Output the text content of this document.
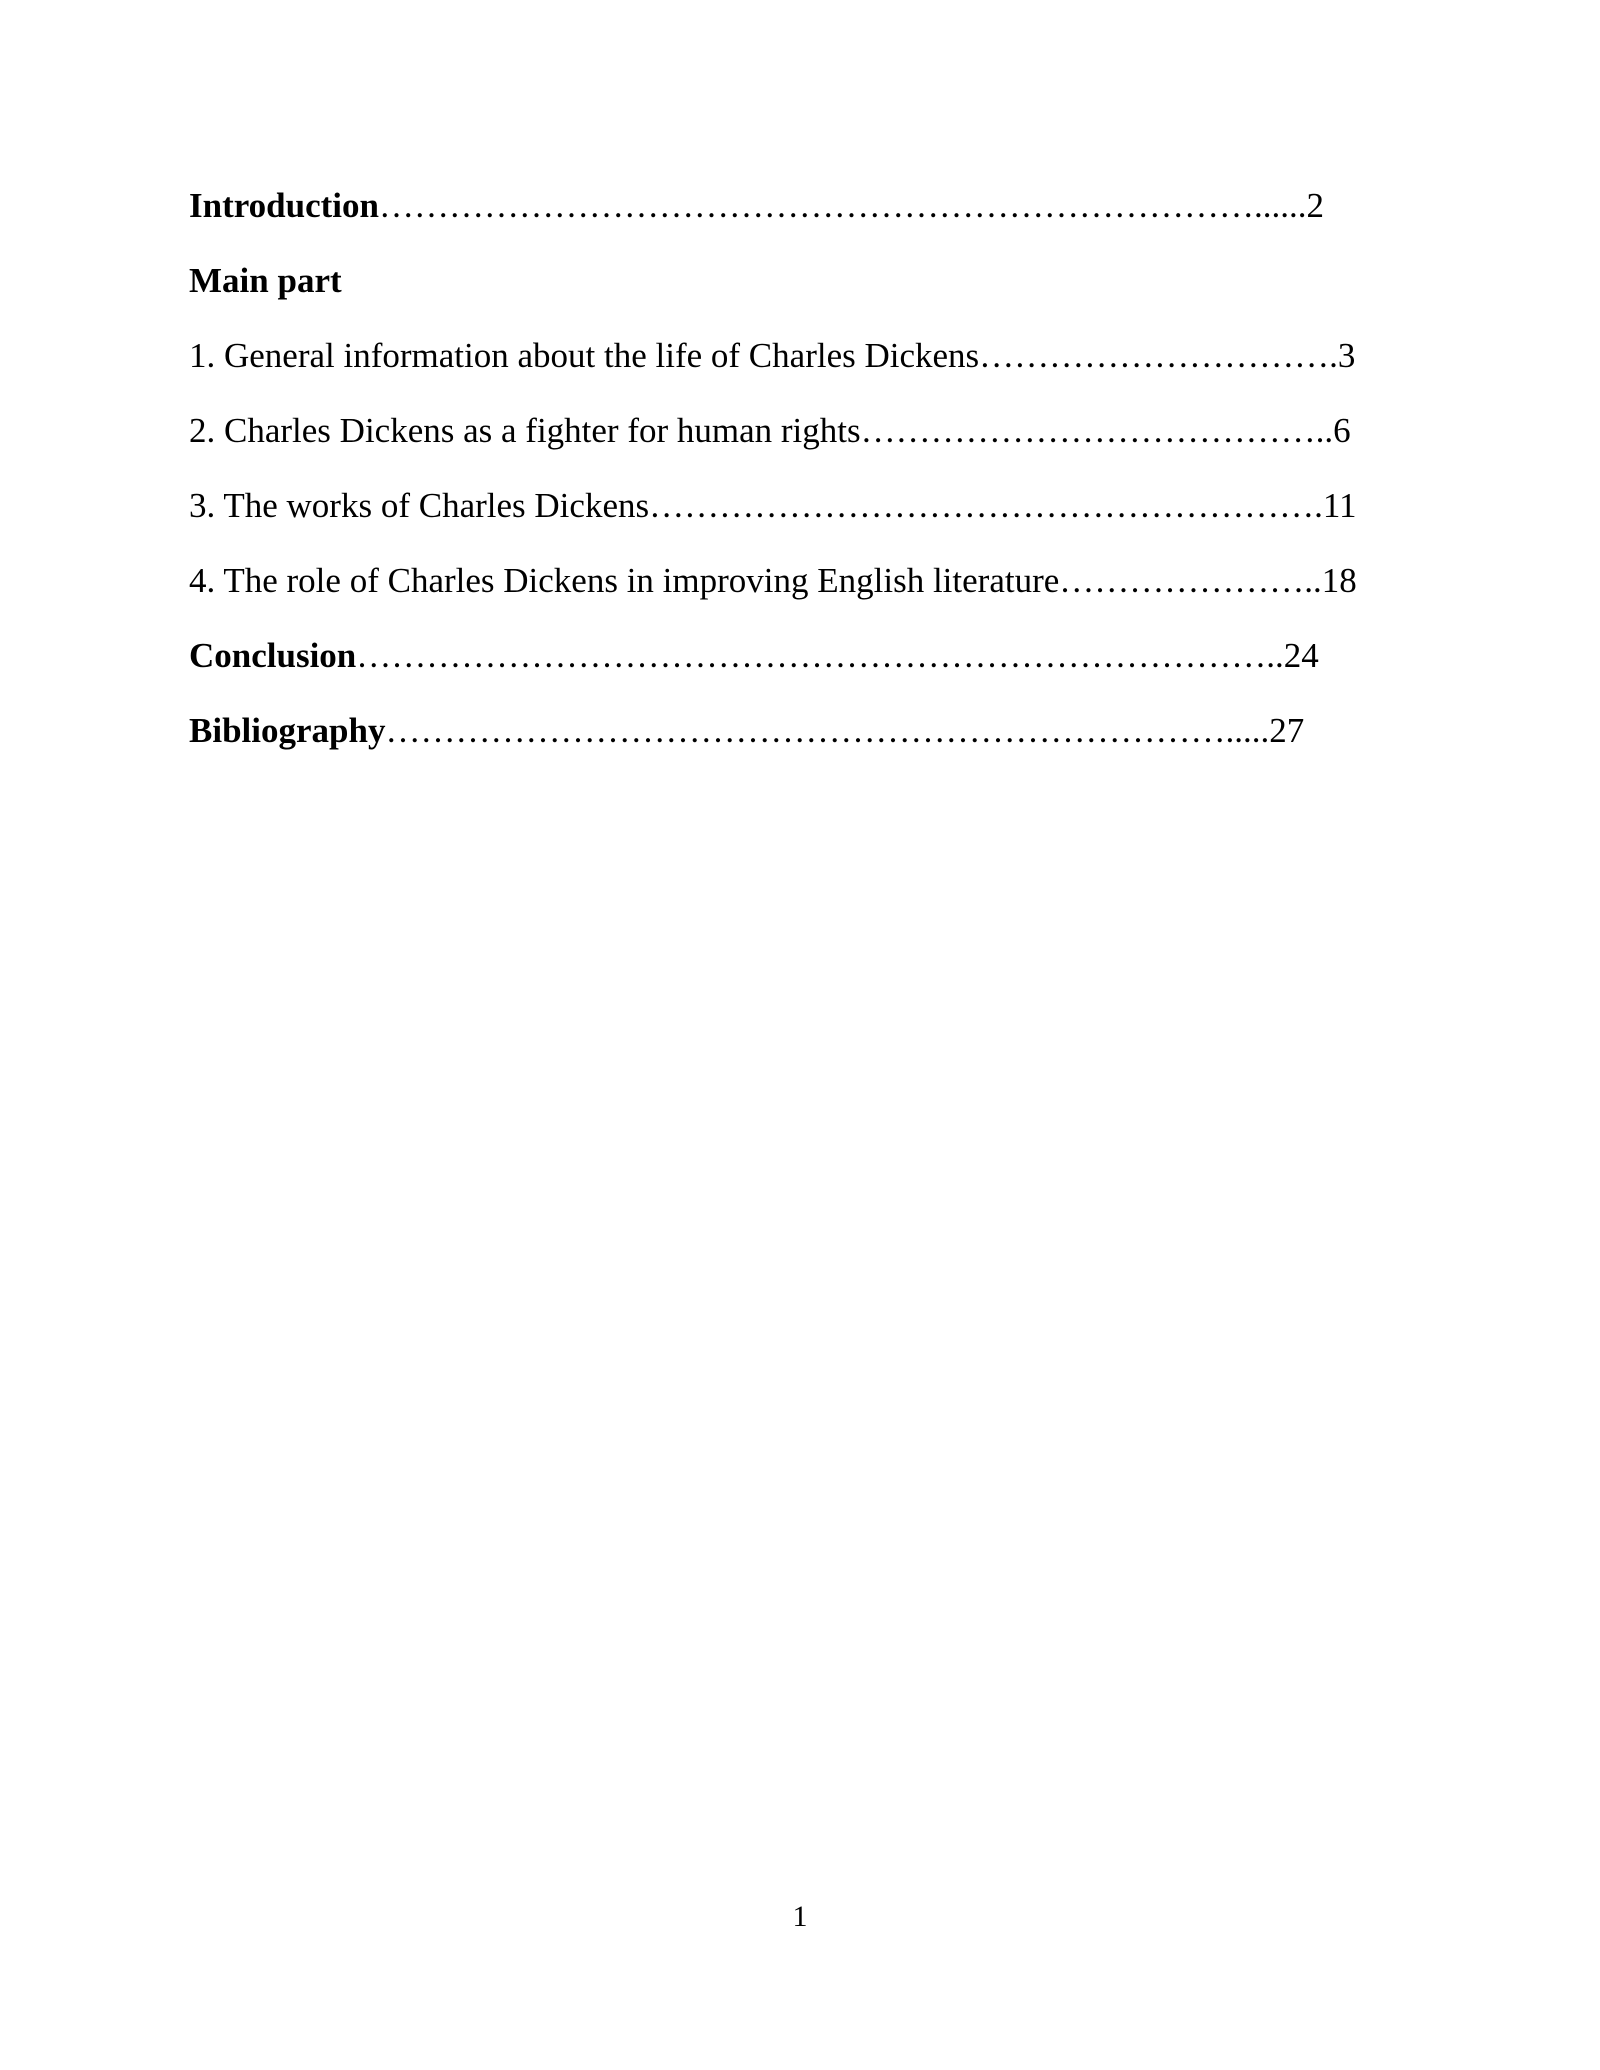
Introduction…………………………………………………………………......2
Main part
1. General information about the life of Charles Dickens………………………….3
2. Charles Dickens as a fighter for human rights…………………………………..6
3. The works of Charles Dickens………………………………………………….11
4. The role of Charles Dickens in improving English literature…………………..18
Conclusion……………………………………………………………………..24
Bibliography……………………………………………………………….....27
1
